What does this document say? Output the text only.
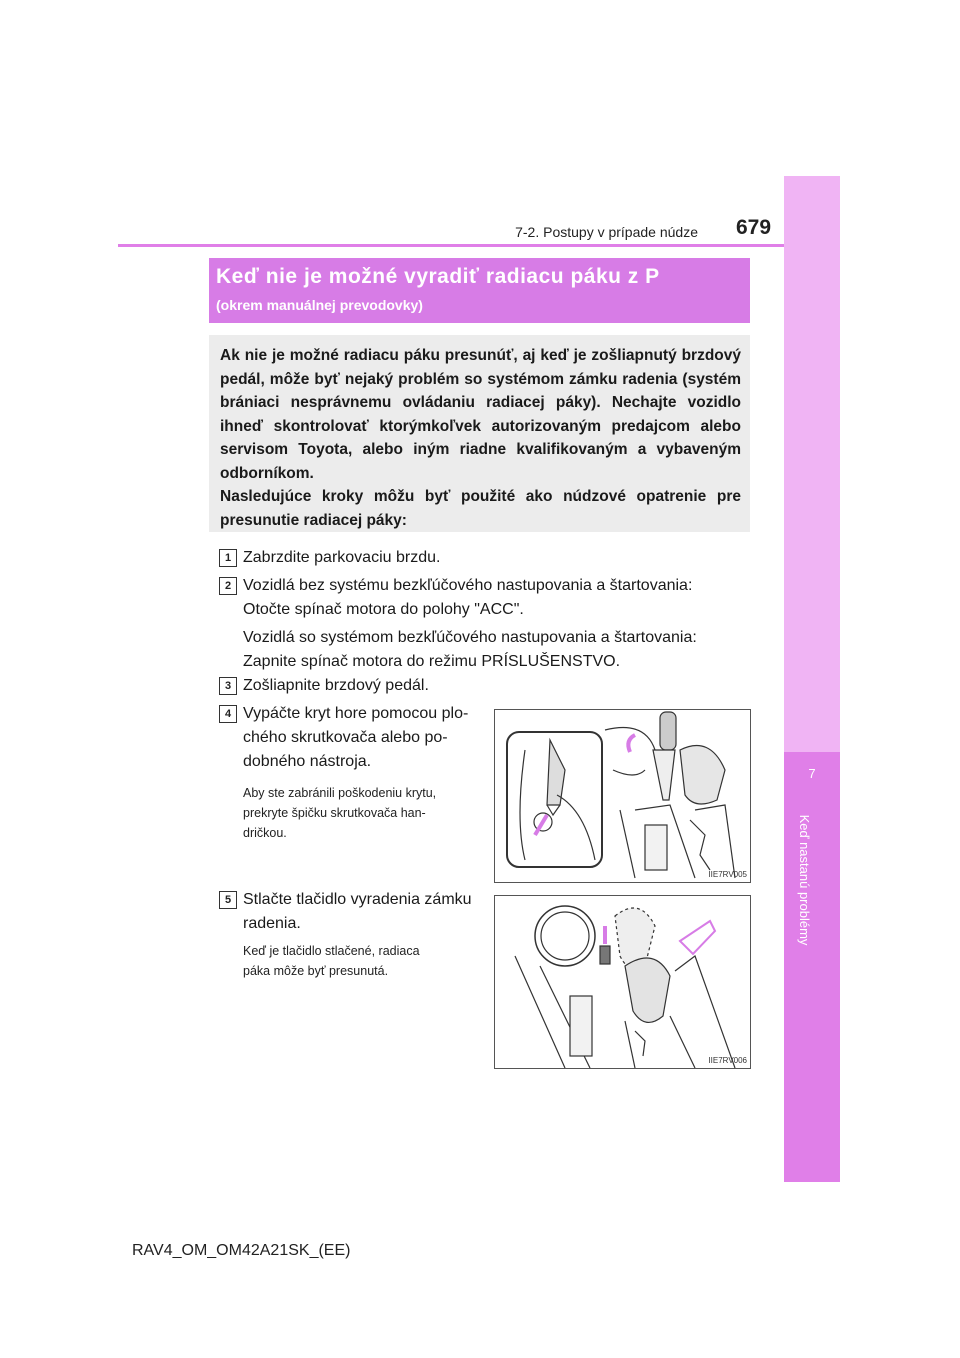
7
Keď nastanú problémy
7-2. Postupy v prípade núdze 679
Keď nie je možné vyradiť radiacu páku z P
(okrem manuálnej prevodovky)

Ak nie je možné radiacu páku presunúť, aj keď je zošliapnutý brzdový pedál, môže byť nejaký problém so systémom zámku radenia (systém brániaci nesprávnemu ovládaniu radiacej páky). Nechajte vozidlo ihneď skontrolovať ktorýmkoľvek autorizovaným predajcom alebo servisom Toyota, alebo iným riadne kvalifikovaným a vybaveným odborníkom.

Nasledujúce kroky môžu byť použité ako núdzové opatrenie pre presunutie radiacej páky:

1 Zabrzdite parkovaciu brzdu.
2 Vozidlá bez systému bezkľúčového nastupovania a štartovania:
Otočte spínač motora do polohy "ACC".
Vozidlá so systémom bezkľúčového nastupovania a štartovania:
Zapnite spínač motora do režimu PRÍSLUŠENSTVO.
3 Zošliapnite brzdový pedál.
4 Vypáčte kryt hore pomocou plo-
chého skrutkovača alebo po-
dobného nástroja.
Aby ste zabránili poškodeniu krytu,
prekryte špičku skrutkovača han-
dričkou.
5 Stlačte tlačidlo vyradenia zámku
radenia.
Keď je tlačidlo stlačené, radiaca
páka môže byť presunutá.
IIE7RV005
IIE7RV006
RAV4_OM_OM42A21SK_(EE)
